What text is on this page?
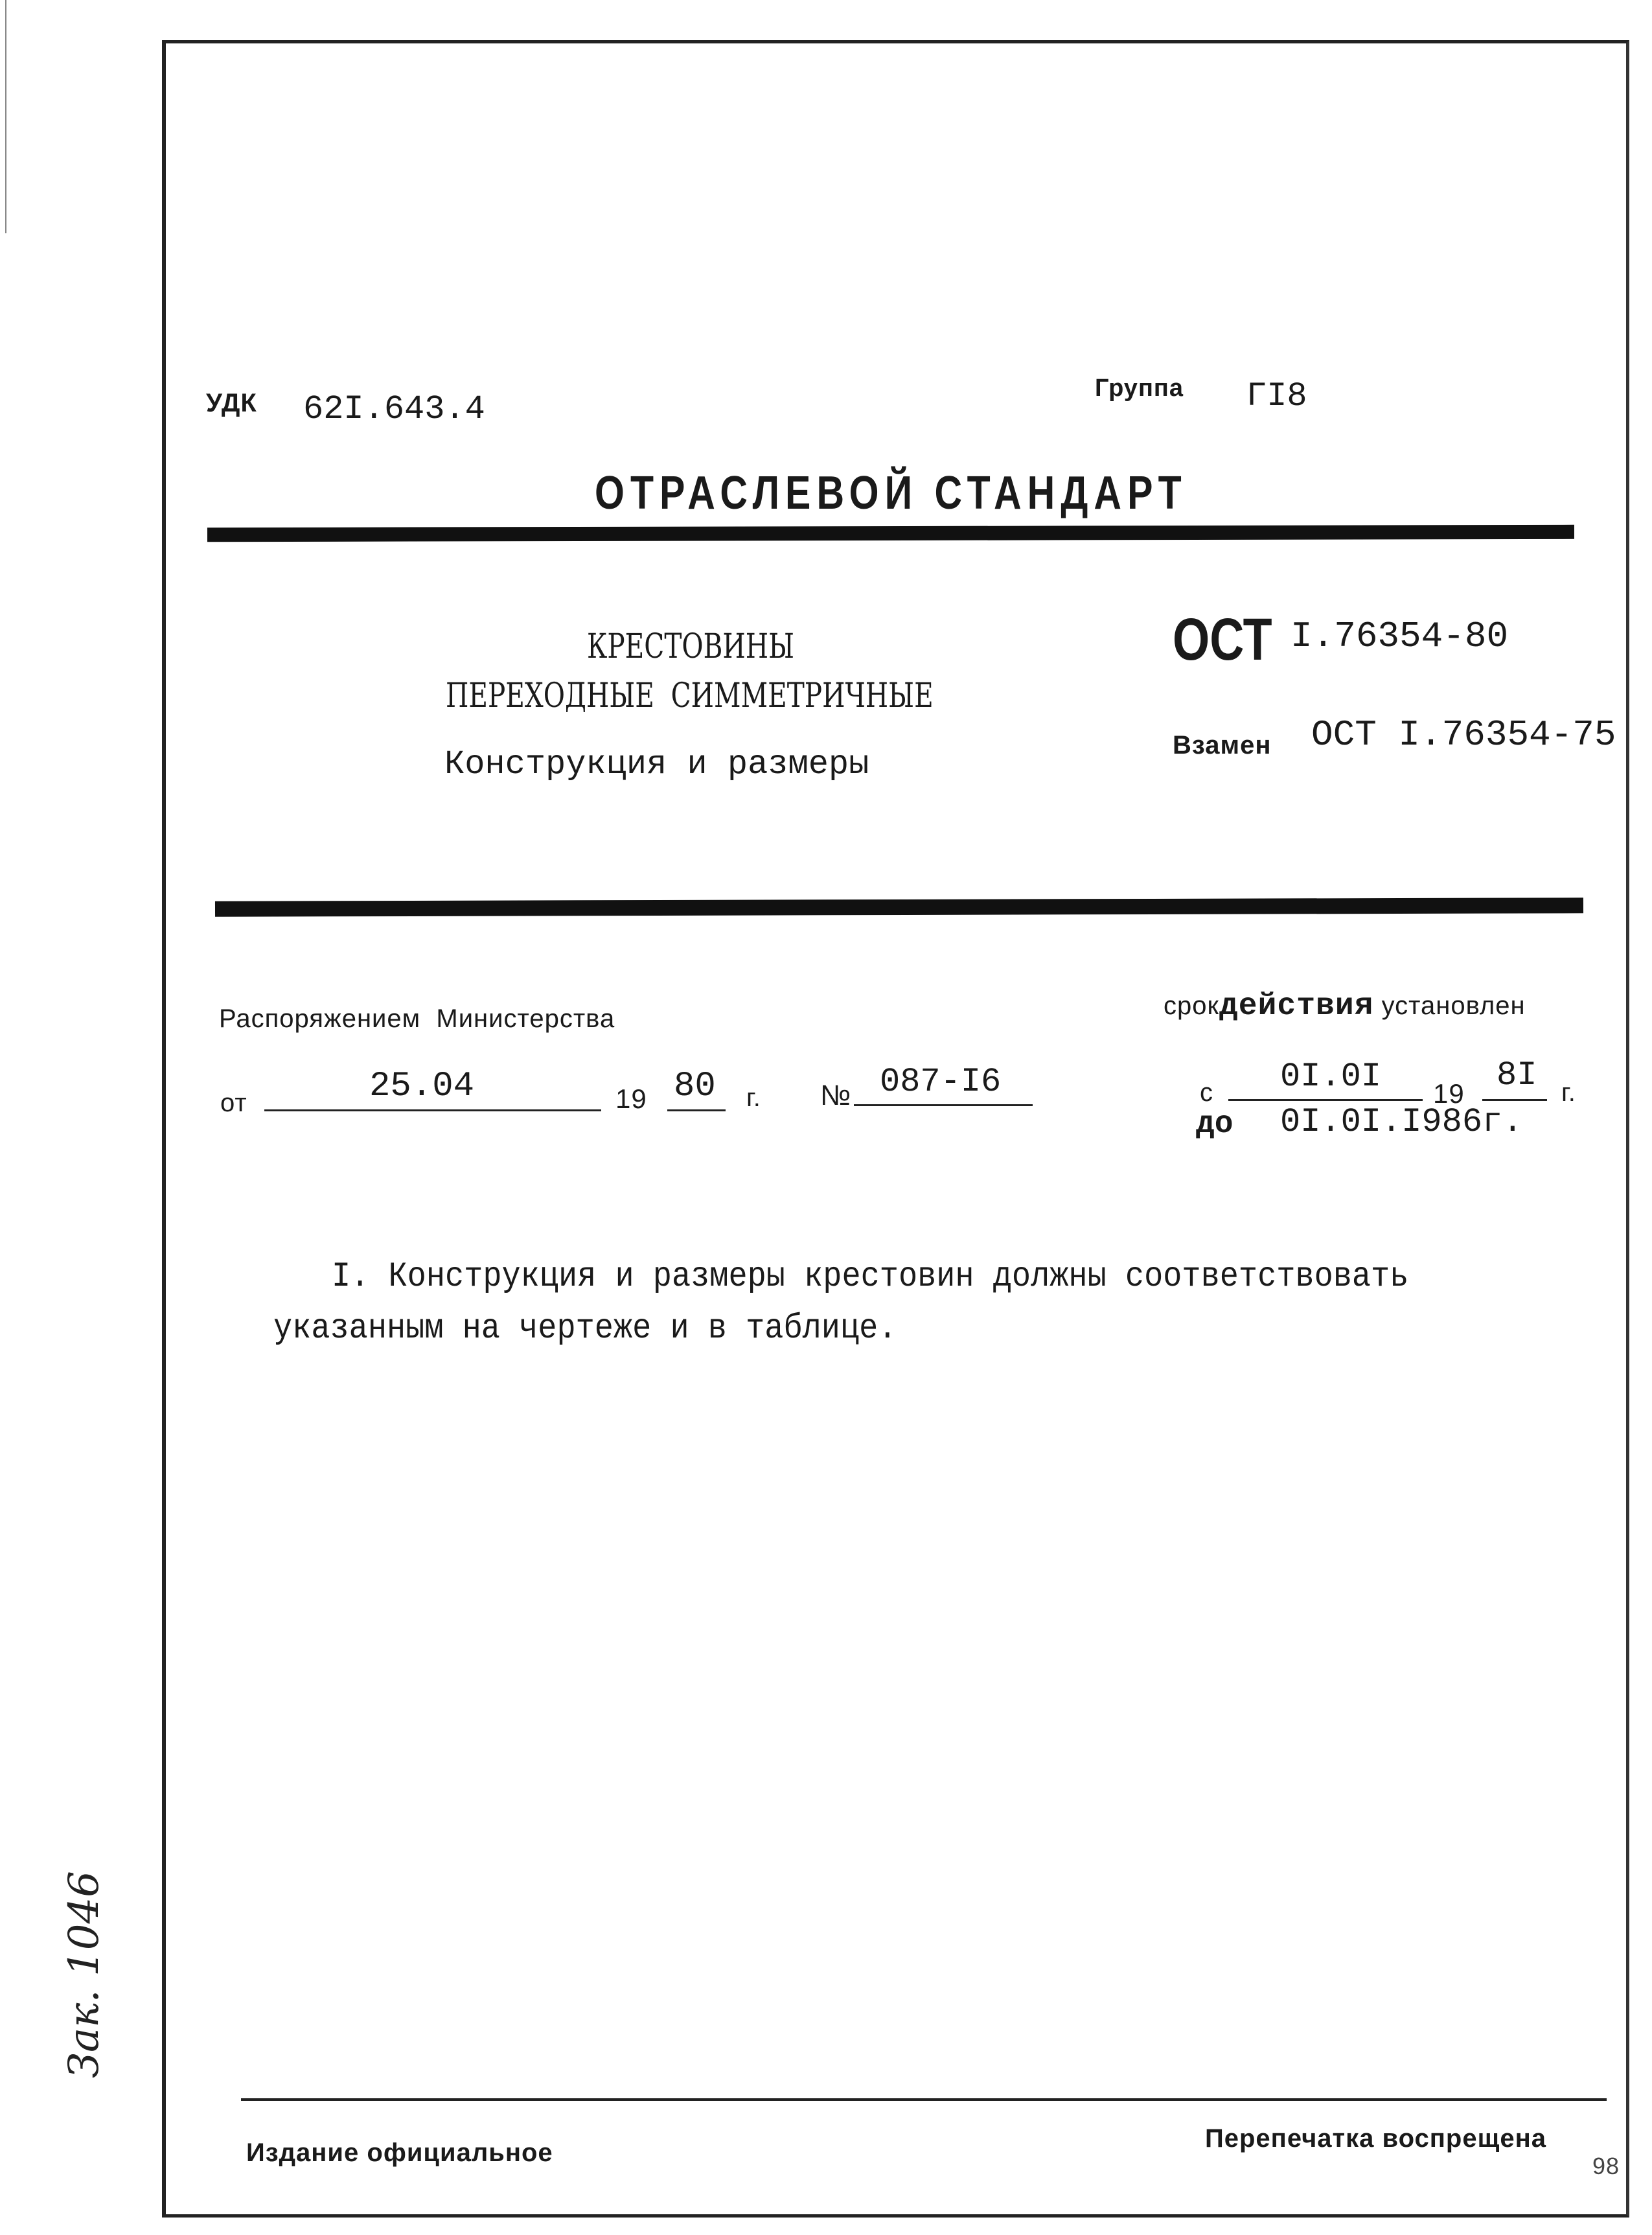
УДК 62I.643.4
Группа ГI8
ОТРАСЛЕВОЙ СТАНДАРТ
КРЕСТОВИНЫ
ПЕРЕХОДНЫЕ  СИММЕТРИЧНЫЕ
Конструкция и размеры
ОСТ I.76354-80
Взамен ОСТ I.76354-75
Распоряжением  Министерства
от	25.04	19 80 г. № 087-I6
срокдействия установлен
с 0I.0I 19 8I г.
до 0I.0I.I986г.
I. Конструкция и размеры крестовин должны соответствовать
указанным на чертеже и в таблице.
Зак. 1046
Издание официальное	Перепечатка воспрещена
98
